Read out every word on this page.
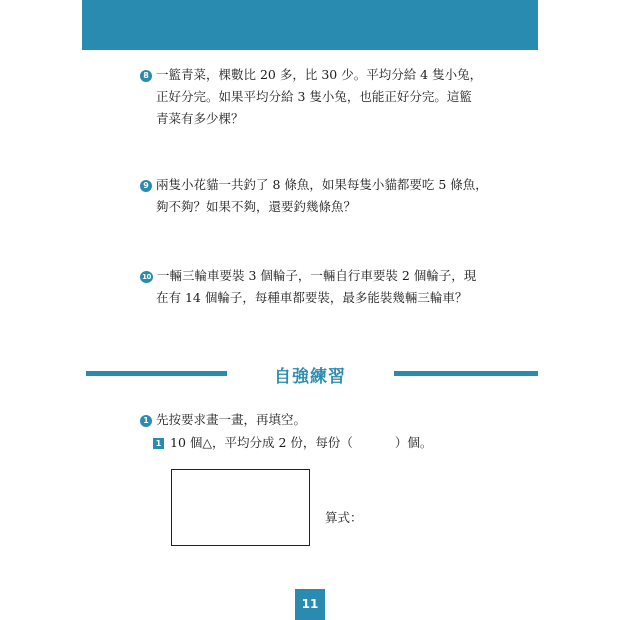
8 一籃青菜，棵數比 20 多，比 30 少。平均分給 4 隻小兔，
正好分完。如果平均分給 3 隻小兔，也能正好分完。這籃
青菜有多少棵？
9 兩隻小花貓一共釣了 8 條魚，如果每隻小貓都要吃 5 條魚，
夠不夠？如果不夠，還要釣幾條魚？
10 一輛三輪車要裝 3 個輪子，一輛自行車要裝 2 個輪子，現
在有 14 個輪子，每種車都要裝，最多能裝幾輛三輪車？
自強練習
1 先按要求畫一畫，再填空。
1 10 個△，平均分成 2 份，每份（	）個。
算式：
11
